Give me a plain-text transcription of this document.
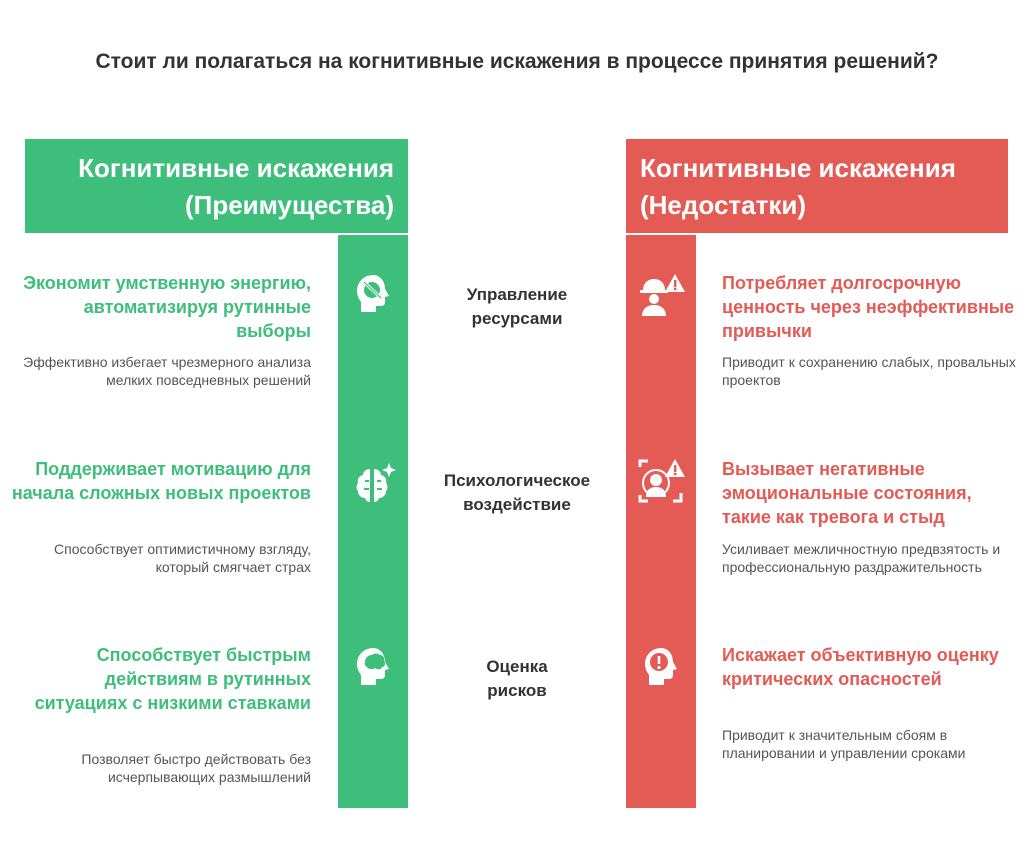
Стоит ли полагаться на когнитивные искажения в процессе принятия решений?
Когнитивные искажения
(Преимущества)
Когнитивные искажения
(Недостатки)
Управление
ресурсами
Психологическое
воздействие
Оценка
рисков
Экономит умственную энергию, автоматизируя рутинные выборы
Эффективно избегает чрезмерного анализа мелких повседневных решений
Поддерживает мотивацию для начала сложных новых проектов
Способствует оптимистичному взгляду, который смягчает страх
Способствует быстрым действиям в рутинных ситуациях с низкими ставками
Позволяет быстро действовать без исчерпывающих размышлений
Потребляет долгосрочную ценность через неэффективные привычки
Приводит к сохранению слабых, провальных проектов
Вызывает негативные эмоциональные состояния, такие как тревога и стыд
Усиливает межличностную предвзятость и профессиональную раздражительность
Искажает объективную оценку критических опасностей
Приводит к значительным сбоям в планировании и управлении сроками
